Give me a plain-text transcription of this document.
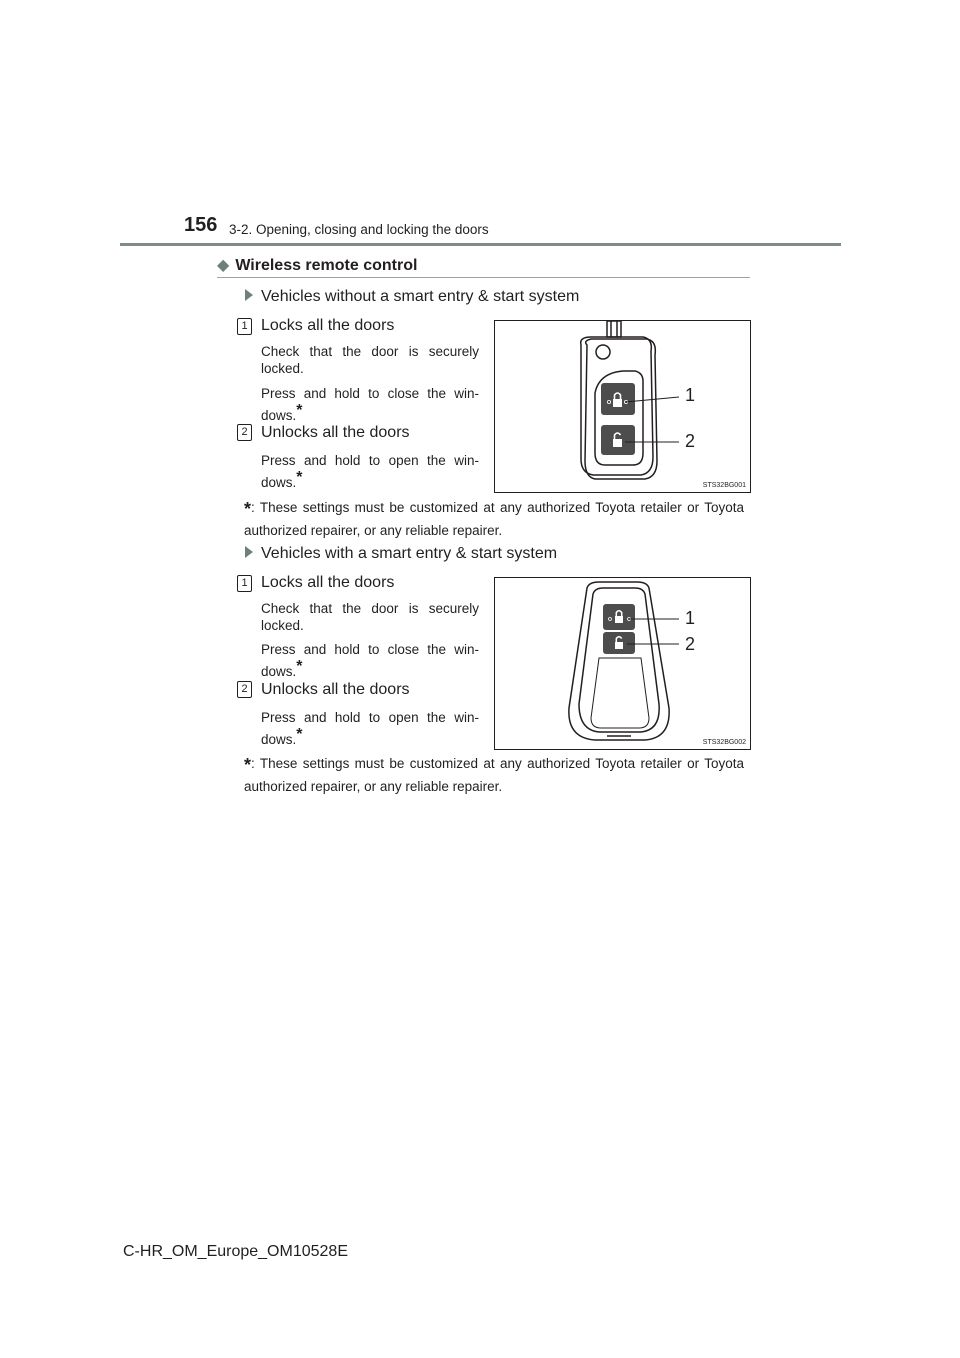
156 3-2. Opening, closing and locking the doors
◆ Wireless remote control
Vehicles without a smart entry & start system
1 Locks all the doors
Check that the door is securely locked.
Press and hold to close the win-dows.*
2 Unlocks all the doors
Press and hold to open the win-dows.*
1
2
STS32BG001
*: These settings must be customized at any authorized Toyota retailer or Toyota authorized repairer, or any reliable repairer.
Vehicles with a smart entry & start system
1 Locks all the doors
Check that the door is securely locked.
Press and hold to close the win-dows.*
2 Unlocks all the doors
Press and hold to open the win-dows.*
1
2
STS32BG002
*: These settings must be customized at any authorized Toyota retailer or Toyota authorized repairer, or any reliable repairer.
C-HR_OM_Europe_OM10528E
